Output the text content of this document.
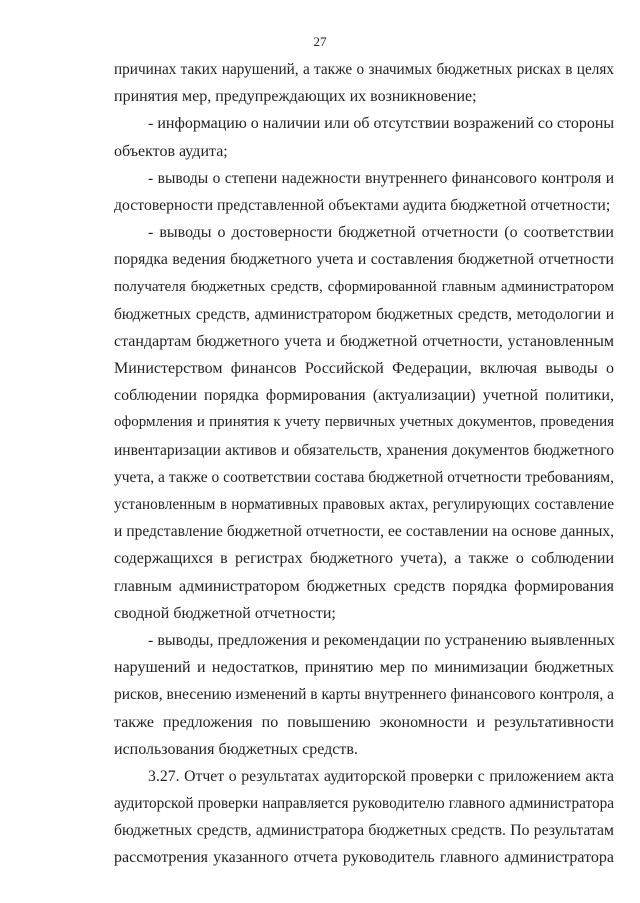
27
причинах таких нарушений, а также о значимых бюджетных рисках в целях
принятия мер, предупреждающих их возникновение;
- информацию о наличии или об отсутствии возражений со стороны
объектов аудита;
- выводы о степени надежности внутреннего финансового контроля и
достоверности представленной объектами аудита бюджетной отчетности;
- выводы о достоверности бюджетной отчетности (о соответствии
порядка ведения бюджетного учета и составления бюджетной отчетности
получателя бюджетных средств, сформированной главным администратором
бюджетных средств, администратором бюджетных средств, методологии и
стандартам бюджетного учета и бюджетной отчетности, установленным
Министерством финансов Российской Федерации, включая выводы о
соблюдении порядка формирования (актуализации) учетной политики,
оформления и принятия к учету первичных учетных документов, проведения
инвентаризации активов и обязательств, хранения документов бюджетного
учета, а также о соответствии состава бюджетной отчетности требованиям,
установленным в нормативных правовых актах, регулирующих составление
и представление бюджетной отчетности, ее составлении на основе данных,
содержащихся в регистрах бюджетного учета), а также о соблюдении
главным администратором бюджетных средств порядка формирования
сводной бюджетной отчетности;
- выводы, предложения и рекомендации по устранению выявленных
нарушений и недостатков, принятию мер по минимизации бюджетных
рисков, внесению изменений в карты внутреннего финансового контроля, а
также предложения по повышению экономности и результативности
использования бюджетных средств.
3.27. Отчет о результатах аудиторской проверки с приложением акта
аудиторской проверки направляется руководителю главного администратора
бюджетных средств, администратора бюджетных средств. По результатам
рассмотрения указанного отчета руководитель главного администратора
